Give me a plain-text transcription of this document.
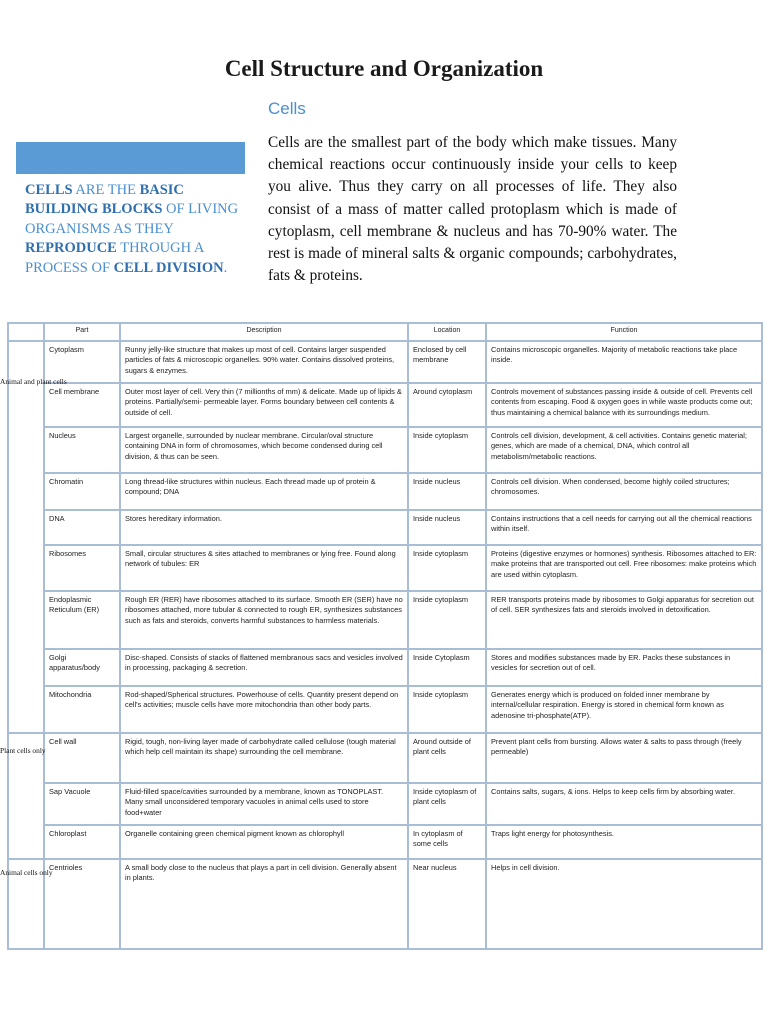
Cell Structure and Organization
Cells
CELLS ARE THE BASIC BUILDING BLOCKS OF LIVING ORGANISMS AS THEY REPRODUCE THROUGH A PROCESS OF CELL DIVISION.
Cells are the smallest part of the body which make tissues. Many chemical reactions occur continuously inside your cells to keep you alive. Thus they carry on all processes of life. They also consist of a mass of matter called protoplasm which is made of cytoplasm, cell membrane & nucleus and has 70-90% water. The rest is made of mineral salts & organic compounds; carbohydrates, fats & proteins.
	Part	Description	Location	Function

Animal and plant cells	Cytoplasm	Runny jelly-like structure that makes up most of cell. Contains larger suspended particles of fats & microscopic organelles. 90% water. Contains dissolved proteins, sugars & enzymes.	Enclosed by cell membrane	Contains microscopic organelles. Majority of metabolic reactions take place inside.
	Cell membrane	Outer most layer of cell. Very thin (7 millionths of mm) & delicate. Made up of lipids & proteins. Partially/semi- permeable layer. Forms boundary between cell contents & outside of cell.	Around cytoplasm	Controls movement of substances passing inside & outside of cell. Prevents cell contents from escaping. Food & oxygen goes in while waste products come out; thus maintaining a chemical balance with its surroundings medium.
	Nucleus	Largest organelle, surrounded by nuclear membrane. Circular/oval structure containing DNA in form of chromosomes, which become condensed during cell division, & thus can be seen.	Inside cytoplasm	Controls cell division, development, & cell activities. Contains genetic material; genes, which are made of a chemical, DNA, which control all metabolism/metabolic reactions.
	Chromatin	Long thread-like structures within nucleus. Each thread made up of protein & compound; DNA	Inside nucleus	Controls cell division. When condensed, become highly coiled structures; chromosomes.
	DNA	Stores hereditary information.	Inside nucleus	Contains instructions that a cell needs for carrying out all the chemical reactions within itself.
	Ribosomes	Small, circular structures & sites attached to membranes or lying free. Found along network of tubules: ER	Inside cytoplasm	Proteins (digestive enzymes or hormones) synthesis. Ribosomes attached to ER: make proteins that are transported out cell. Free ribosomes: make proteins which are used within cytoplasm.
	Endoplasmic Reticulum (ER)	Rough ER (RER) have ribosomes attached to its surface. Smooth ER (SER) have no ribosomes attached, more tubular & connected to rough ER, synthesizes substances such as fats and steroids, converts harmful substances to harmless materials.	Inside cytoplasm	RER transports proteins made by ribosomes to Golgi apparatus for secretion out of cell. SER synthesizes fats and steroids involved in detoxification.
	Golgi apparatus/body	Disc-shaped. Consists of stacks of flattened membranous sacs and vesicles involved in processing, packaging & secretion.	Inside Cytoplasm	Stores and modifies substances made by ER. Packs these substances in vesicles for secretion out of cell.
	Mitochondria	Rod-shaped/Spherical structures. Powerhouse of cells. Quantity present depend on cell's activities; muscle cells have more mitochondria than other body parts.	Inside cytoplasm	Generates energy which is produced on folded inner membrane by internal/cellular respiration. Energy is stored in chemical form known as adenosine tri-phosphate(ATP).

Plant cells only	Cell wall	Rigid, tough, non-living layer made of carbohydrate called cellulose (tough material which help cell maintain its shape) surrounding the cell membrane.	Around outside of plant cells	Prevent plant cells from bursting. Allows water & salts to pass through (freely permeable)
	Sap Vacuole	Fluid-filled space/cavities surrounded by a membrane, known as TONOPLAST. Many small unconsidered temporary vacuoles in animal cells used to store food+water	Inside cytoplasm of plant cells	Contains salts, sugars, & ions. Helps to keep cells firm by absorbing water.
	Chloroplast	Organelle containing green chemical pigment known as chlorophyll	In cytoplasm of some cells	Traps light energy for photosynthesis.

Animal cells only	Centrioles	A small body close to the nucleus that plays a part in cell division. Generally absent in plants.	Near nucleus	Helps in cell division.
